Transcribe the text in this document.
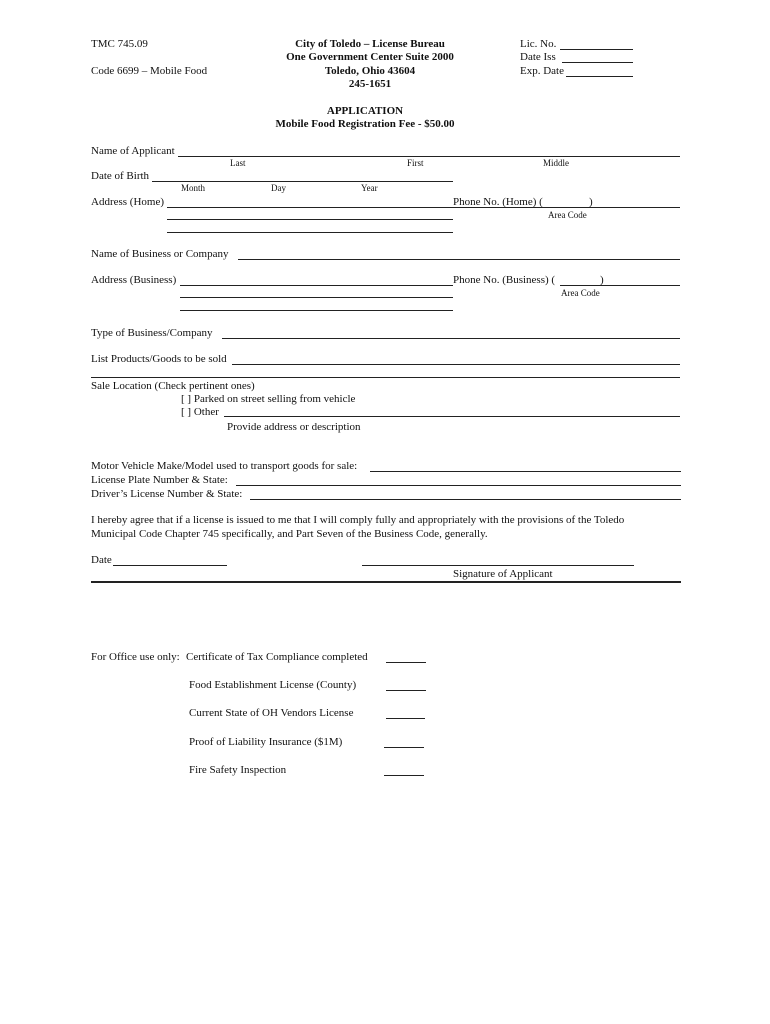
TMC 745.09
Code 6699 – Mobile Food
City of Toledo – License Bureau
One Government Center Suite 2000
Toledo, Ohio 43604
245-1651
Lic. No.
Date Iss
Exp. Date
APPLICATION
Mobile Food Registration Fee - $50.00
Name of Applicant
Last	First	Middle
Date of Birth
Month	Day	Year
Address (Home)	Phone No. (Home) (	)
Area Code
Name of Business or Company
Address (Business)	Phone No. (Business) (	)
Area Code
Type of Business/Company
List Products/Goods to be sold
Sale Location (Check pertinent ones)
[ ] Parked on street selling from vehicle
[ ] Other
Provide address or description
Motor Vehicle Make/Model used to transport goods for sale:
License Plate Number & State:
Driver’s License Number & State:
I hereby agree that if a license is issued to me that I will comply fully and appropriately with the provisions of the Toledo
Municipal Code Chapter 745 specifically, and Part Seven of the Business Code, generally.
Date
Signature of Applicant
For Office use only: Certificate of Tax Compliance completed
Food Establishment License (County)
Current State of OH Vendors License
Proof of Liability Insurance ($1M)
Fire Safety Inspection
